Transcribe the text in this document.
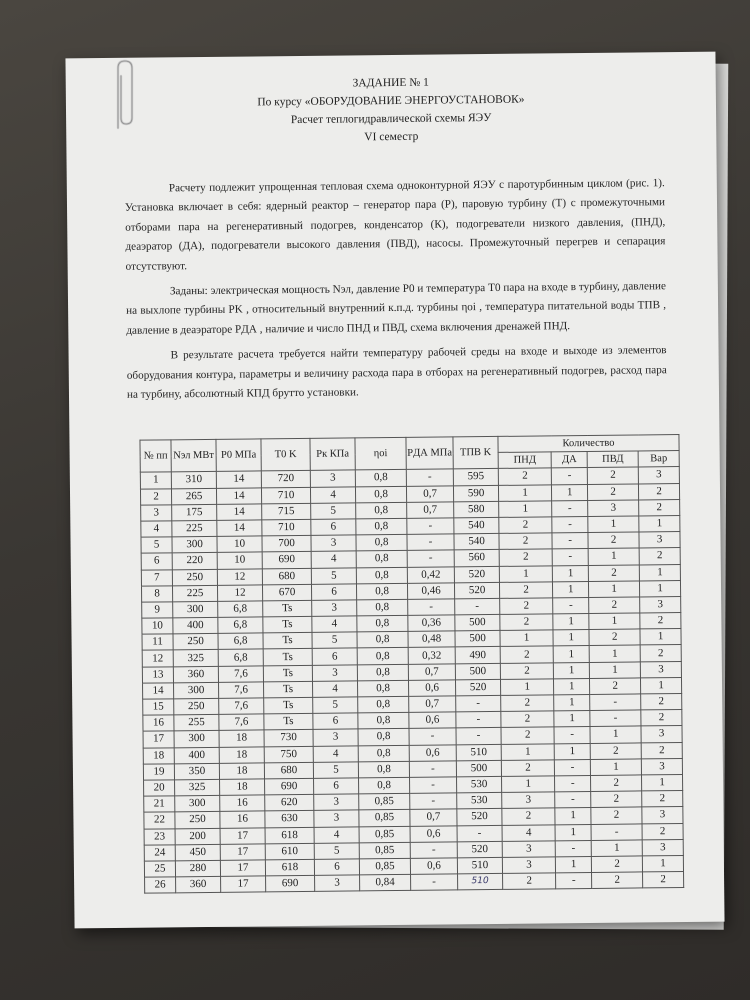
ЗАДАНИЕ № 1
По курсу «ОБОРУДОВАНИЕ ЭНЕРГОУСТАНОВОК»
Расчет теплогидравлической схемы ЯЭУ
VI семестр

Расчету подлежит упрощенная тепловая схема одноконтурной ЯЭУ с паротурбинным циклом (рис. 1). Установка включает в себя: ядерный реактор – генератор пара (Р), паровую турбину (Т) с промежуточными отборами пара на регенеративный подогрев, конденсатор (К), подогреватели низкого давления, (ПНД), деаэратор (ДА), подогреватели высокого давления (ПВД), насосы. Промежуточный перегрев и сепарация отсутствуют.

Заданы: электрическая мощность Nэл, давление P0 и температура T0 пара на входе в турбину, давление на выхлопе турбины PK , относительный внутренний к.п.д. турбины ηoi , температура питательной воды TПВ , давление в деаэраторе PДА , наличие и число ПНД и ПВД, схема включения дренажей ПНД.

В результате расчета требуется найти температуру рабочей среды на входе и выходе из элементов оборудования контура, параметры и величину расхода пара в отборах на регенеративный подогрев, расход пара на турбину, абсолютный КПД брутто установки.

№ пп	Nэл МВт	P0 МПа	T0 K	Pк КПа	ηoi	PДА МПа	TПВ K	Количество			
								ПНД	ДА	ПВД	Вар
1	310	14	720	3	0,8	-	595	2	-	2	3
2	265	14	710	4	0,8	0,7	590	1	1	2	2
3	175	14	715	5	0,8	0,7	580	1	-	3	2
4	225	14	710	6	0,8	-	540	2	-	1	1
5	300	10	700	3	0,8	-	540	2	-	2	3
6	220	10	690	4	0,8	-	560	2	-	1	2
7	250	12	680	5	0,8	0,42	520	1	1	2	1
8	225	12	670	6	0,8	0,46	520	2	1	1	1
9	300	6,8	Ts	3	0,8	-	-	2	-	2	3
10	400	6,8	Ts	4	0,8	0,36	500	2	1	1	2
11	250	6,8	Ts	5	0,8	0,48	500	1	1	2	1
12	325	6,8	Ts	6	0,8	0,32	490	2	1	1	2
13	360	7,6	Ts	3	0,8	0,7	500	2	1	1	3
14	300	7,6	Ts	4	0,8	0,6	520	1	1	2	1
15	250	7,6	Ts	5	0,8	0,7	-	2	1	-	2
16	255	7,6	Ts	6	0,8	0,6	-	2	1	-	2
17	300	18	730	3	0,8	-	-	2	-	1	3
18	400	18	750	4	0,8	0,6	510	1	1	2	2
19	350	18	680	5	0,8	-	500	2	-	1	3
20	325	18	690	6	0,8	-	530	1	-	2	1
21	300	16	620	3	0,85	-	530	3	-	2	2
22	250	16	630	3	0,85	0,7	520	2	1	2	3
23	200	17	618	4	0,85	0,6	-	4	1	-	2
24	450	17	610	5	0,85	-	520	3	-	1	3
25	280	17	618	6	0,85	0,6	510	3	1	2	1
26	360	17	690	3	0,84	-	510	2	-	2	2
